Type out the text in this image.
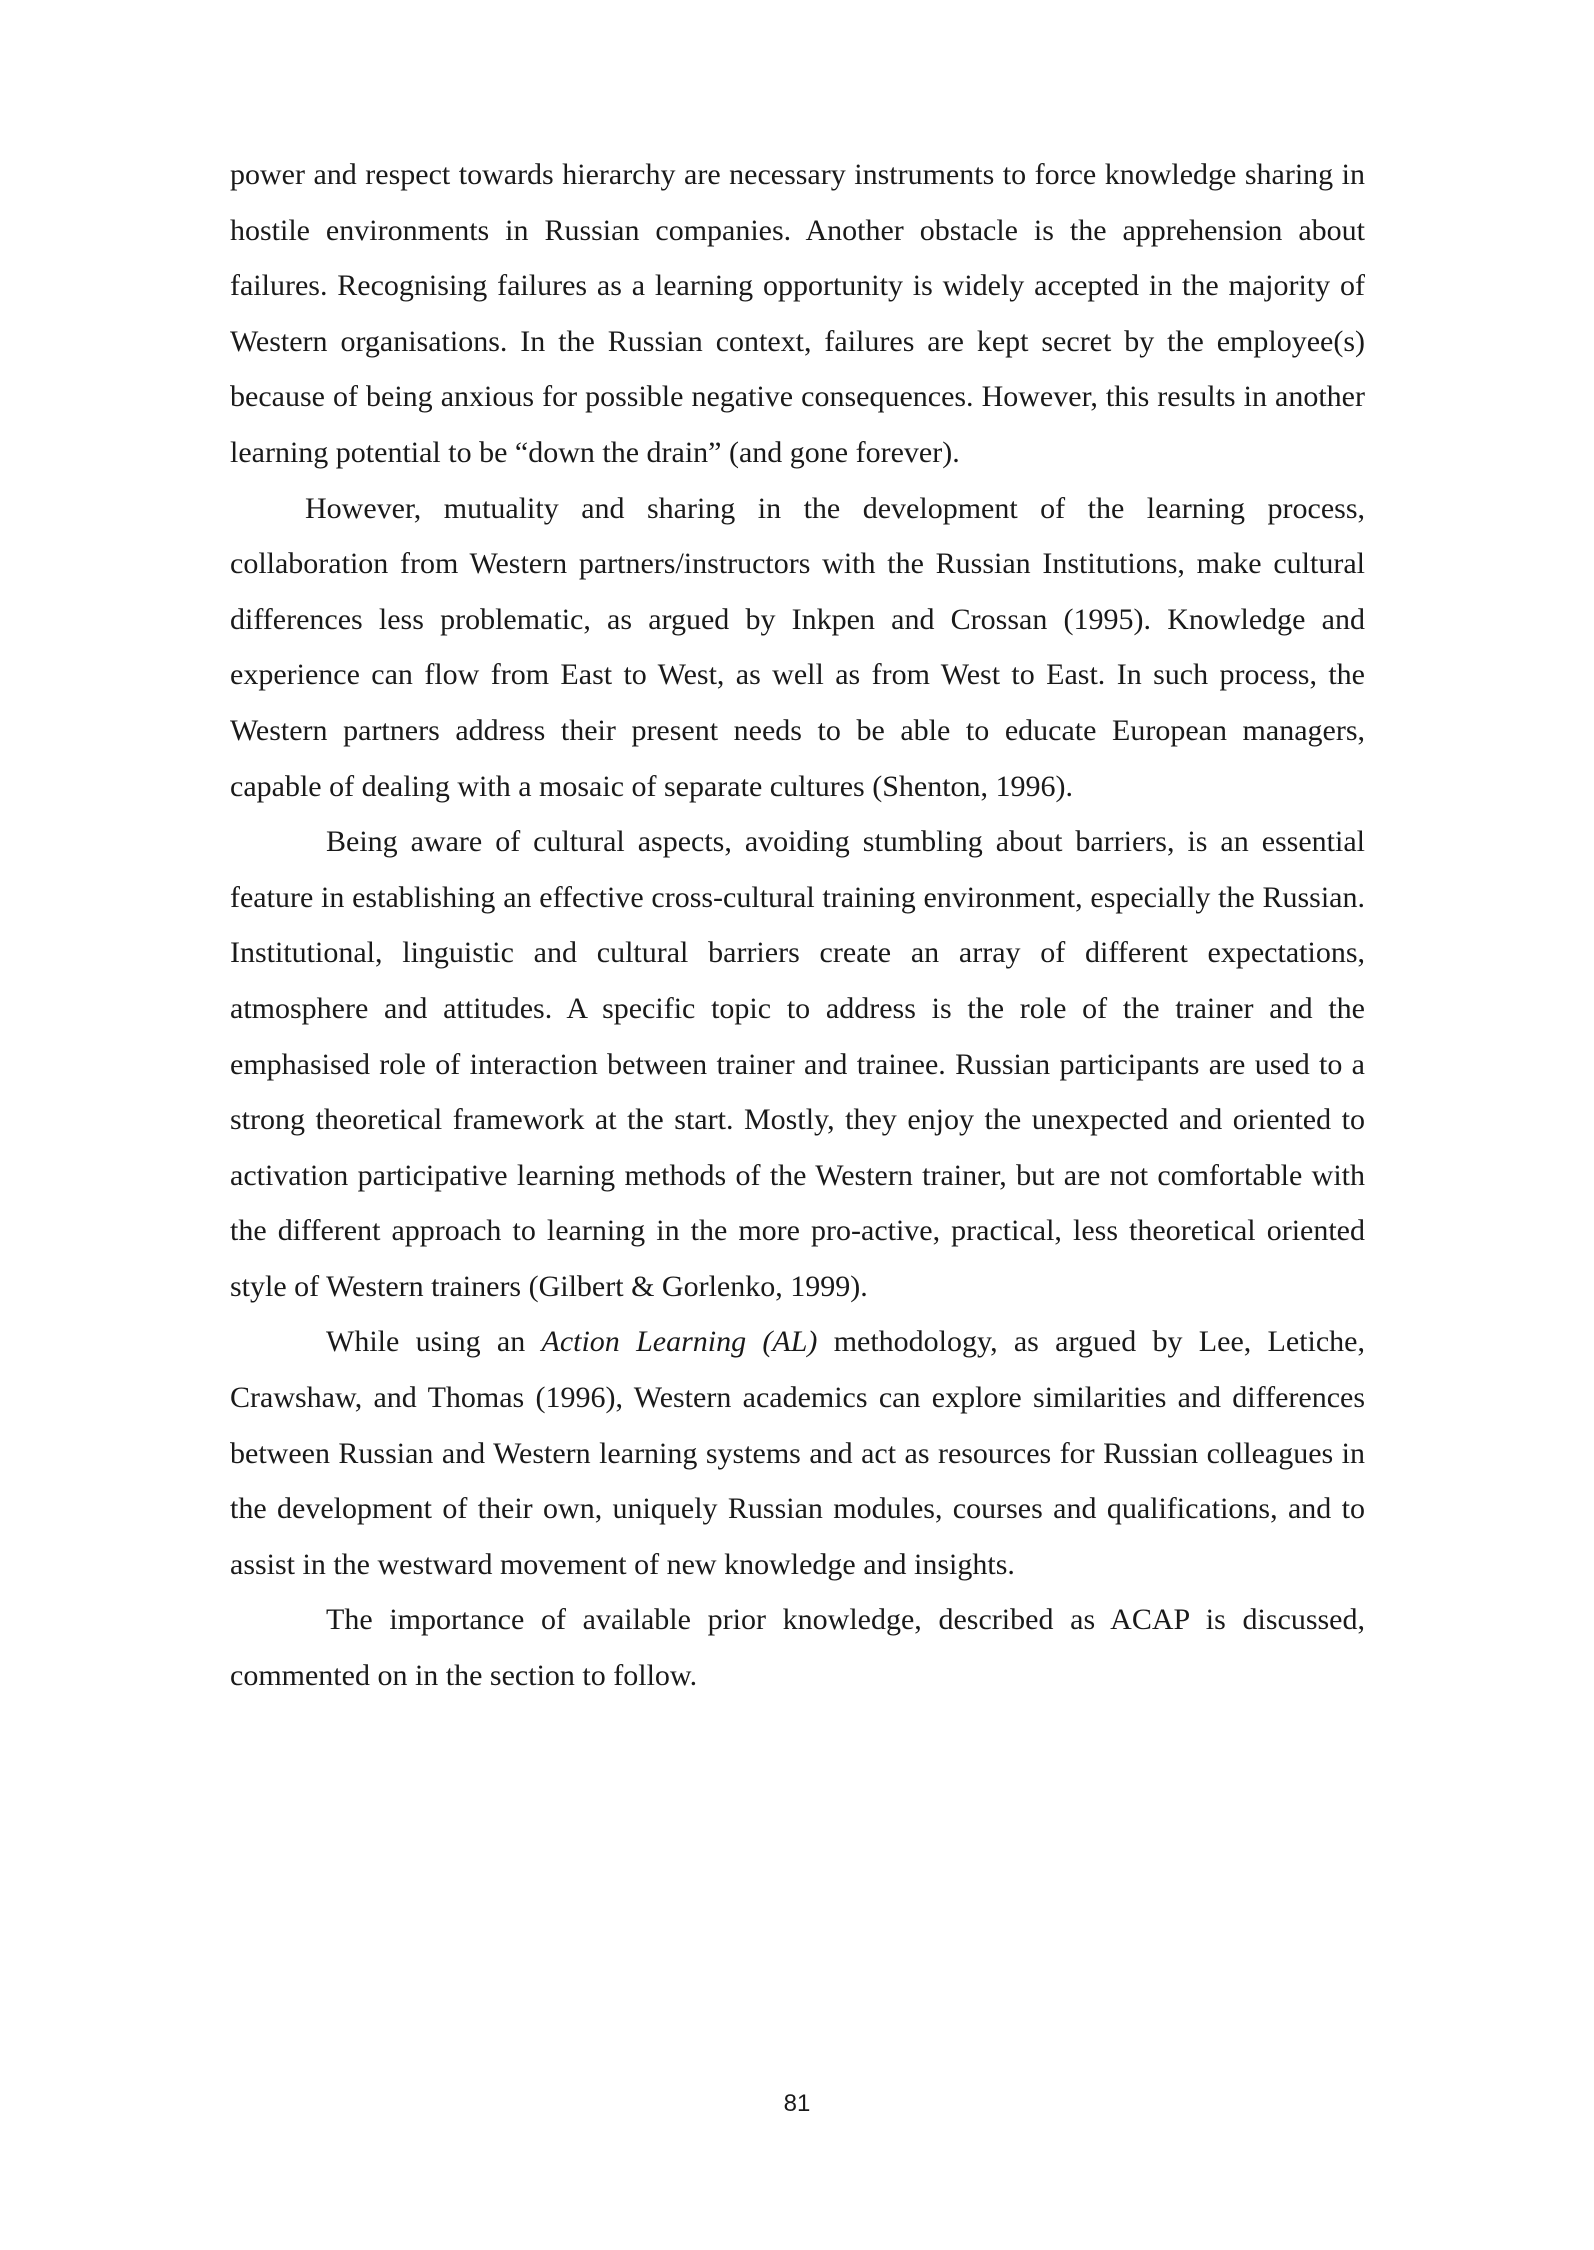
power and respect towards hierarchy are necessary instruments to force knowledge sharing in hostile environments in Russian companies. Another obstacle is the apprehension about failures. Recognising failures as a learning opportunity is widely accepted in the majority of Western organisations. In the Russian context, failures are kept secret by the employee(s) because of being anxious for possible negative consequences. However, this results in another learning potential to be “down the drain” (and gone forever).

However, mutuality and sharing in the development of the learning process, collaboration from Western partners/instructors with the Russian Institutions, make cultural differences less problematic, as argued by Inkpen and Crossan (1995). Knowledge and experience can flow from East to West, as well as from West to East. In such process, the Western partners address their present needs to be able to educate European managers, capable of dealing with a mosaic of separate cultures (Shenton, 1996).

Being aware of cultural aspects, avoiding stumbling about barriers, is an essential feature in establishing an effective cross-cultural training environment, especially the Russian. Institutional, linguistic and cultural barriers create an array of different expectations, atmosphere and attitudes. A specific topic to address is the role of the trainer and the emphasised role of interaction between trainer and trainee. Russian participants are used to a strong theoretical framework at the start. Mostly, they enjoy the unexpected and oriented to activation participative learning methods of the Western trainer, but are not comfortable with the different approach to learning in the more pro-active, practical, less theoretical oriented style of Western trainers (Gilbert & Gorlenko, 1999).

While using an Action Learning (AL) methodology, as argued by Lee, Letiche, Crawshaw, and Thomas (1996), Western academics can explore similarities and differences between Russian and Western learning systems and act as resources for Russian colleagues in the development of their own, uniquely Russian modules, courses and qualifications, and to assist in the westward movement of new knowledge and insights.

The importance of available prior knowledge, described as ACAP is discussed, commented on in the section to follow.

81
